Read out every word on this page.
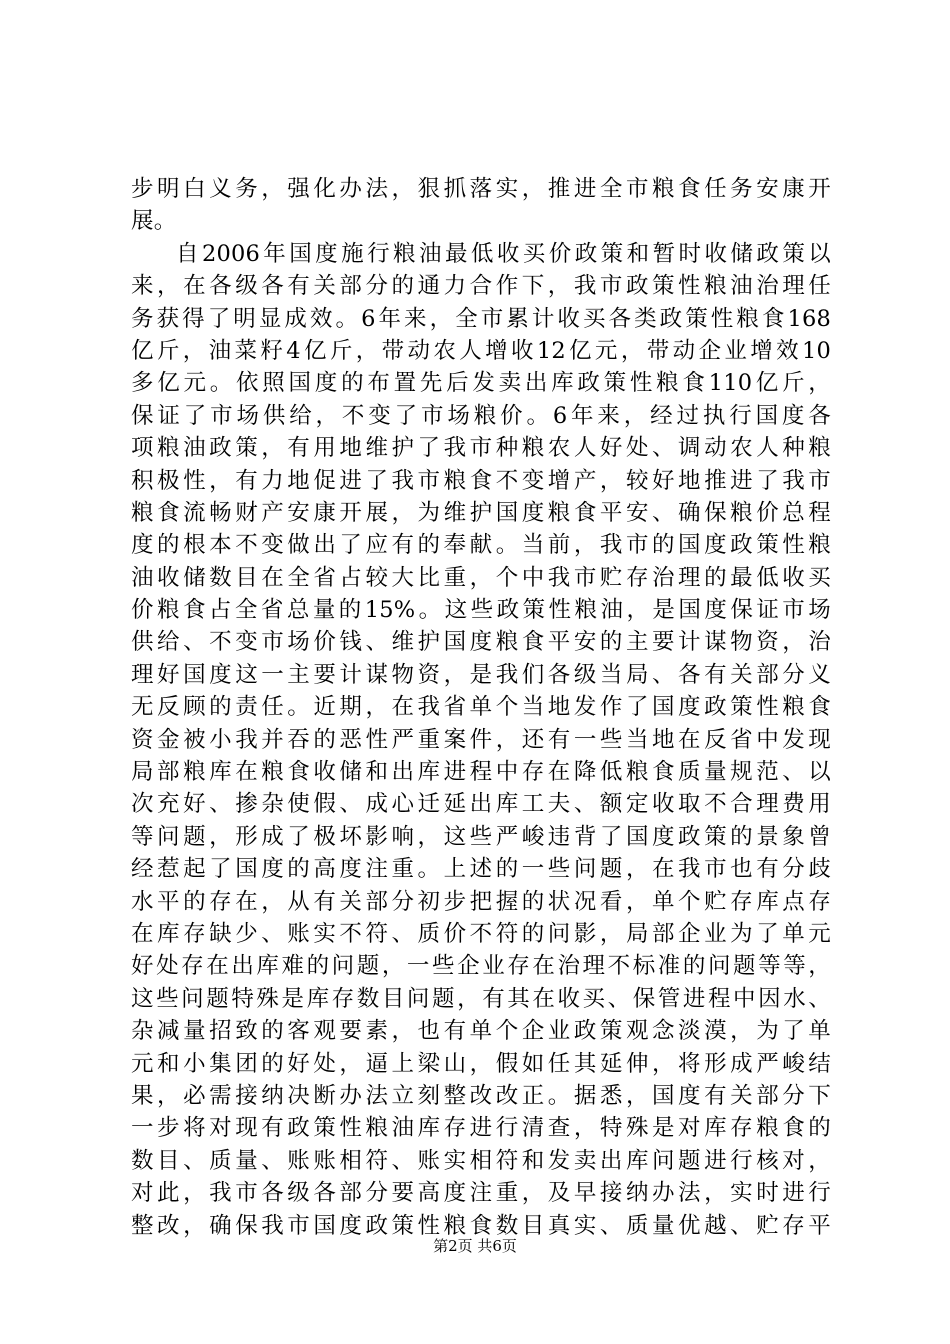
步明白义务，强化办法，狠抓落实，推进全市粮食任务安康开
展。
自2006年国度施行粮油最低收买价政策和暂时收储政策以
来，在各级各有关部分的通力合作下，我市政策性粮油治理任
务获得了明显成效。6年来，全市累计收买各类政策性粮食168
亿斤，油菜籽4亿斤，带动农人增收12亿元，带动企业增效10
多亿元。依照国度的布置先后发卖出库政策性粮食110亿斤，
保证了市场供给，不变了市场粮价。6年来，经过执行国度各
项粮油政策，有用地维护了我市种粮农人好处、调动农人种粮
积极性，有力地促进了我市粮食不变增产，较好地推进了我市
粮食流畅财产安康开展，为维护国度粮食平安、确保粮价总程
度的根本不变做出了应有的奉献。当前，我市的国度政策性粮
油收储数目在全省占较大比重，个中我市贮存治理的最低收买
价粮食占全省总量的15%。这些政策性粮油，是国度保证市场
供给、不变市场价钱、维护国度粮食平安的主要计谋物资，治
理好国度这一主要计谋物资，是我们各级当局、各有关部分义
无反顾的责任。近期，在我省单个当地发作了国度政策性粮食
资金被小我并吞的恶性严重案件，还有一些当地在反省中发现
局部粮库在粮食收储和出库进程中存在降低粮食质量规范、以
次充好、掺杂使假、成心迁延出库工夫、额定收取不合理费用
等问题，形成了极坏影响，这些严峻违背了国度政策的景象曾
经惹起了国度的高度注重。上述的一些问题，在我市也有分歧
水平的存在，从有关部分初步把握的状况看，单个贮存库点存
在库存缺少、账实不符、质价不符的问影，局部企业为了单元
好处存在出库难的问题，一些企业存在治理不标准的问题等等，
这些问题特殊是库存数目问题，有其在收买、保管进程中因水、
杂减量招致的客观要素，也有单个企业政策观念淡漠，为了单
元和小集团的好处，逼上梁山，假如任其延伸，将形成严峻结
果，必需接纳决断办法立刻整改改正。据悉，国度有关部分下
一步将对现有政策性粮油库存进行清查，特殊是对库存粮食的
数目、质量、账账相符、账实相符和发卖出库问题进行核对，
对此，我市各级各部分要高度注重，及早接纳办法，实时进行
整改，确保我市国度政策性粮食数目真实、质量优越、贮存平
第2页 共6页
